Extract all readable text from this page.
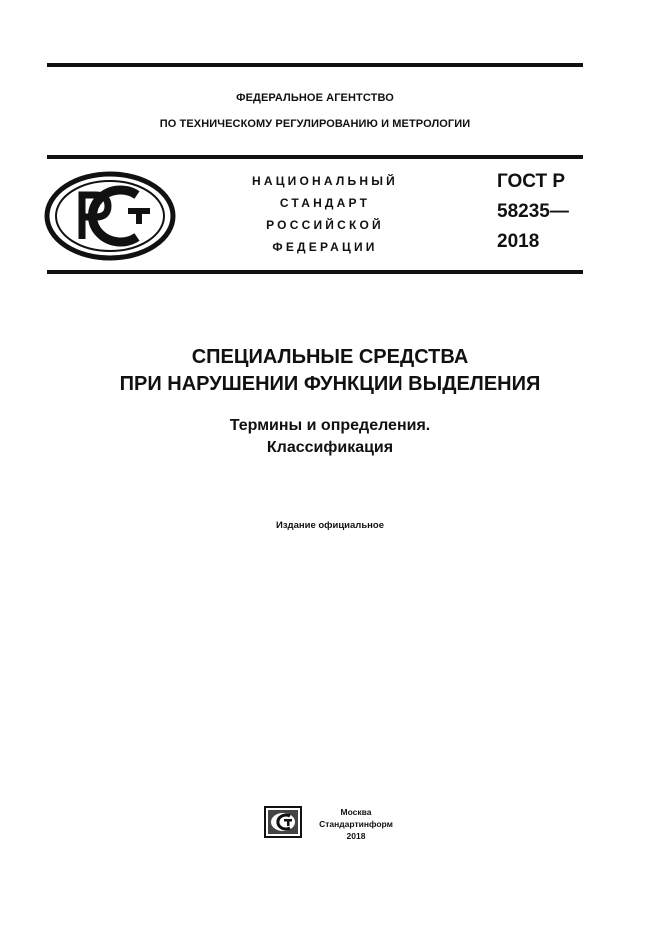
ФЕДЕРАЛЬНОЕ АГЕНТСТВО
ПО ТЕХНИЧЕСКОМУ РЕГУЛИРОВАНИЮ И МЕТРОЛОГИИ
НАЦИОНАЛЬНЫЙ
СТАНДАРТ
РОССИЙСКОЙ
ФЕДЕРАЦИИ
ГОСТ Р
58235—
2018
СПЕЦИАЛЬНЫЕ СРЕДСТВА
ПРИ НАРУШЕНИИ ФУНКЦИИ ВЫДЕЛЕНИЯ
Термины и определения.
Классификация
Издание официальное
Москва
Стандартинформ
2018
